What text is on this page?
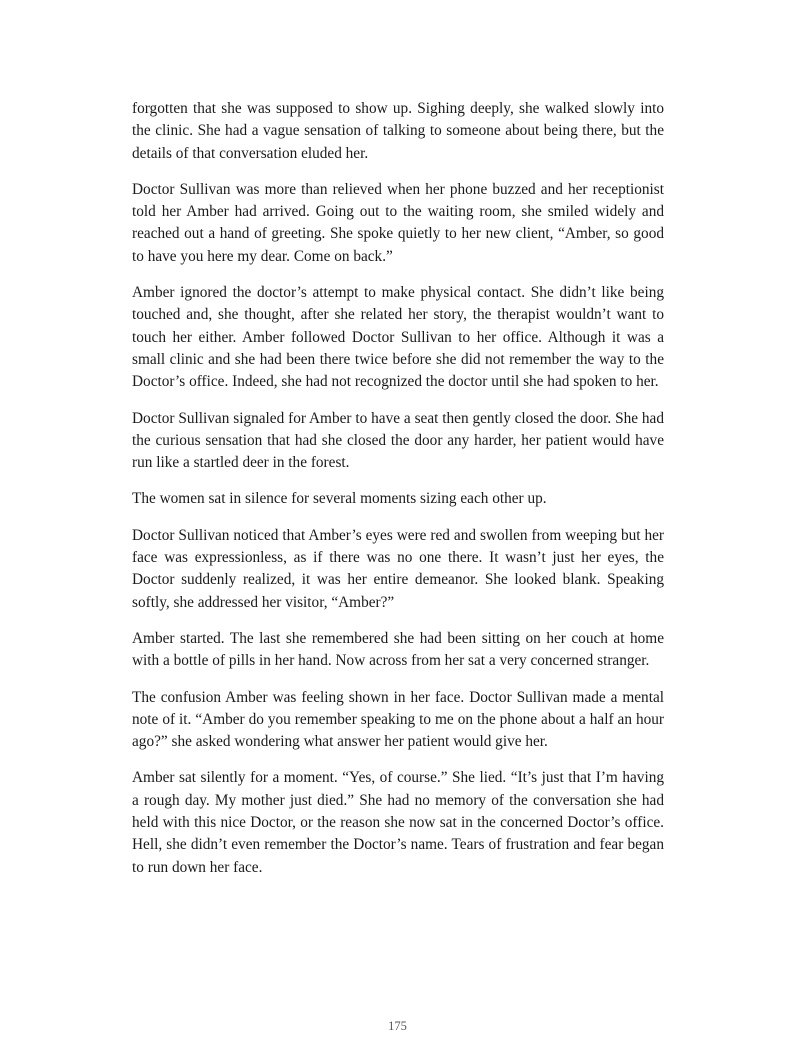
forgotten that she was supposed to show up. Sighing deeply, she walked slowly into the clinic. She had a vague sensation of talking to someone about being there, but the details of that conversation eluded her.

Doctor Sullivan was more than relieved when her phone buzzed and her receptionist told her Amber had arrived. Going out to the waiting room, she smiled widely and reached out a hand of greeting. She spoke quietly to her new client, “Amber, so good to have you here my dear. Come on back.”

Amber ignored the doctor’s attempt to make physical contact. She didn’t like being touched and, she thought, after she related her story, the therapist wouldn’t want to touch her either. Amber followed Doctor Sullivan to her office. Although it was a small clinic and she had been there twice before she did not remember the way to the Doctor’s office. Indeed, she had not recognized the doctor until she had spoken to her.

Doctor Sullivan signaled for Amber to have a seat then gently closed the door. She had the curious sensation that had she closed the door any harder, her patient would have run like a startled deer in the forest.

The women sat in silence for several moments sizing each other up.

Doctor Sullivan noticed that Amber’s eyes were red and swollen from weeping but her face was expressionless, as if there was no one there. It wasn’t just her eyes, the Doctor suddenly realized, it was her entire demeanor. She looked blank. Speaking softly, she addressed her visitor, “Amber?”

Amber started. The last she remembered she had been sitting on her couch at home with a bottle of pills in her hand. Now across from her sat a very concerned stranger.

The confusion Amber was feeling shown in her face. Doctor Sullivan made a mental note of it. “Amber do you remember speaking to me on the phone about a half an hour ago?” she asked wondering what answer her patient would give her.

Amber sat silently for a moment. “Yes, of course.” She lied. “It’s just that I’m having a rough day. My mother just died.” She had no memory of the conversation she had held with this nice Doctor, or the reason she now sat in the concerned Doctor’s office. Hell, she didn’t even remember the Doctor’s name. Tears of frustration and fear began to run down her face.

175
